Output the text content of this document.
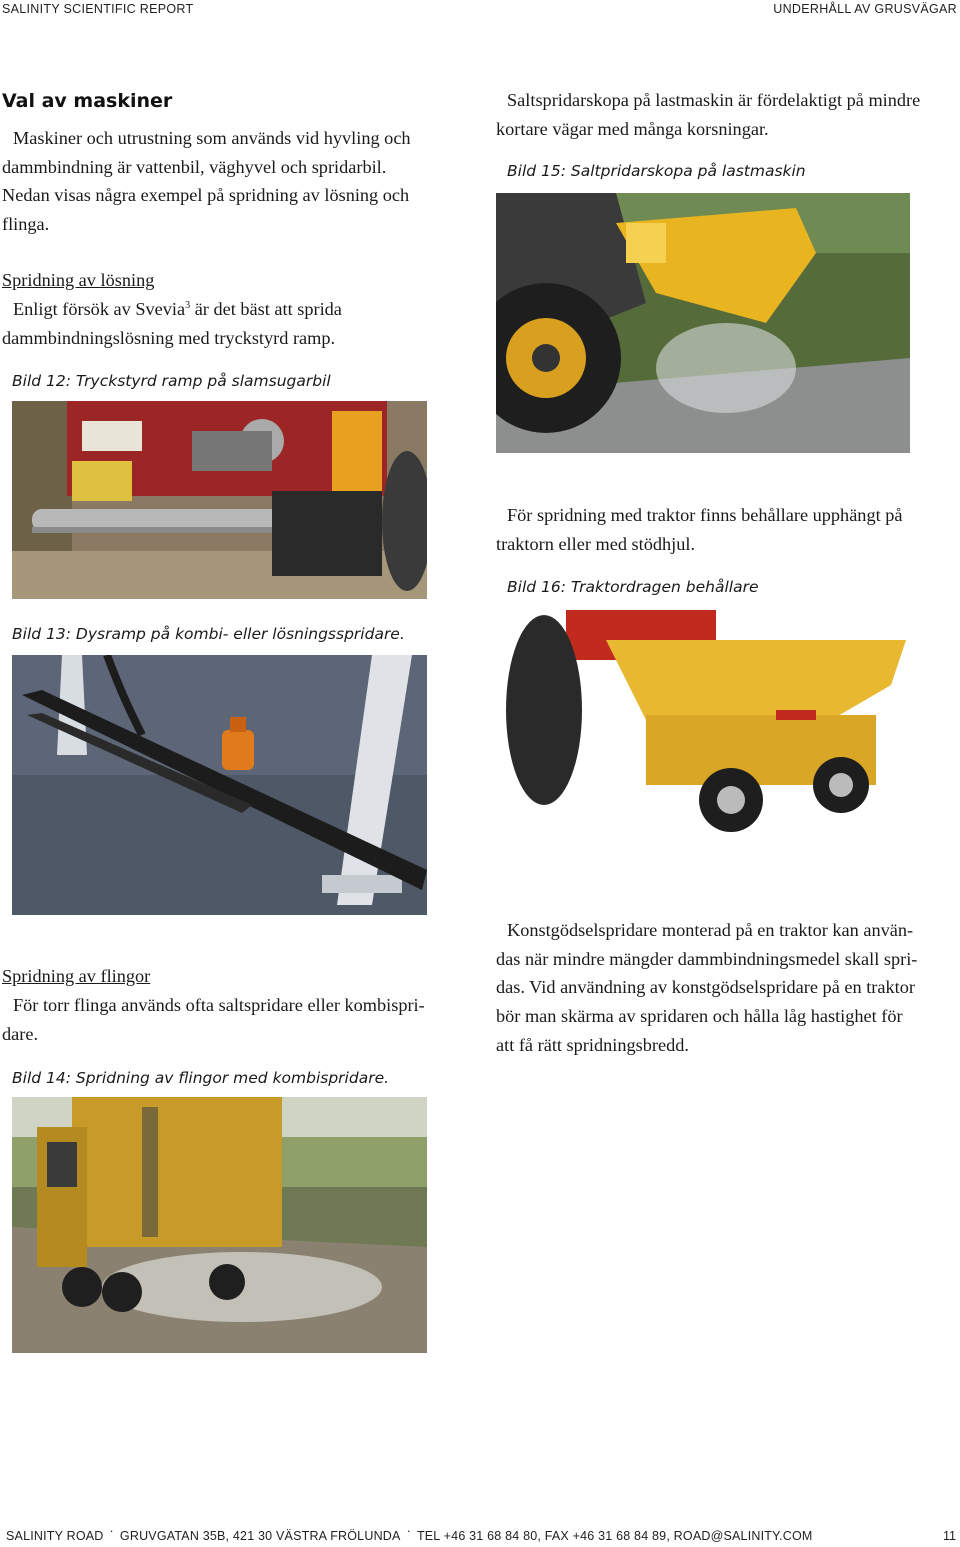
SALINITY SCIENTIFIC REPORT	UNDERHÅLL AV GRUSVÄGAR
Val av maskiner
Maskiner och utrustning som används vid hyvling och
dammbindning är vattenbil, väghyvel och spridarbil.
Nedan visas några exempel på spridning av lösning och
flinga.
Spridning av lösning
Enligt försök av Svevia$^3$ är det bäst att sprida
dammbindningslösning med tryckstyrd ramp.
Bild 12: Tryckstyrd ramp på slamsugarbil
Bild 13: Dysramp på kombi- eller lösningsspridare.
Spridning av flingor
För torr flinga används ofta saltspridare eller kombispri-
dare.
Bild 14: Spridning av flingor med kombispridare.
Saltspridarskopa på lastmaskin är fördelaktigt på mindre
kortare vägar med många korsningar.
Bild 15: Saltpridarskopa på lastmaskin
För spridning med traktor finns behållare upphängt på
traktorn eller med stödhjul.
Bild 16: Traktordragen behållare
Konstgödselspridare monterad på en traktor kan använ-
das när mindre mängder dammbindningsmedel skall spri-
das. Vid användning av konstgödselspridare på en traktor
bör man skärma av spridaren och hålla låg hastighet för
att få rätt spridningsbredd.
SALINITY ROAD · GRUVGATAN 35B, 421 30 VÄSTRA FRÖLUNDA · TEL +46 31 68 84 80, FAX +46 31 68 84 89, ROAD@SALINITY.COM	11
